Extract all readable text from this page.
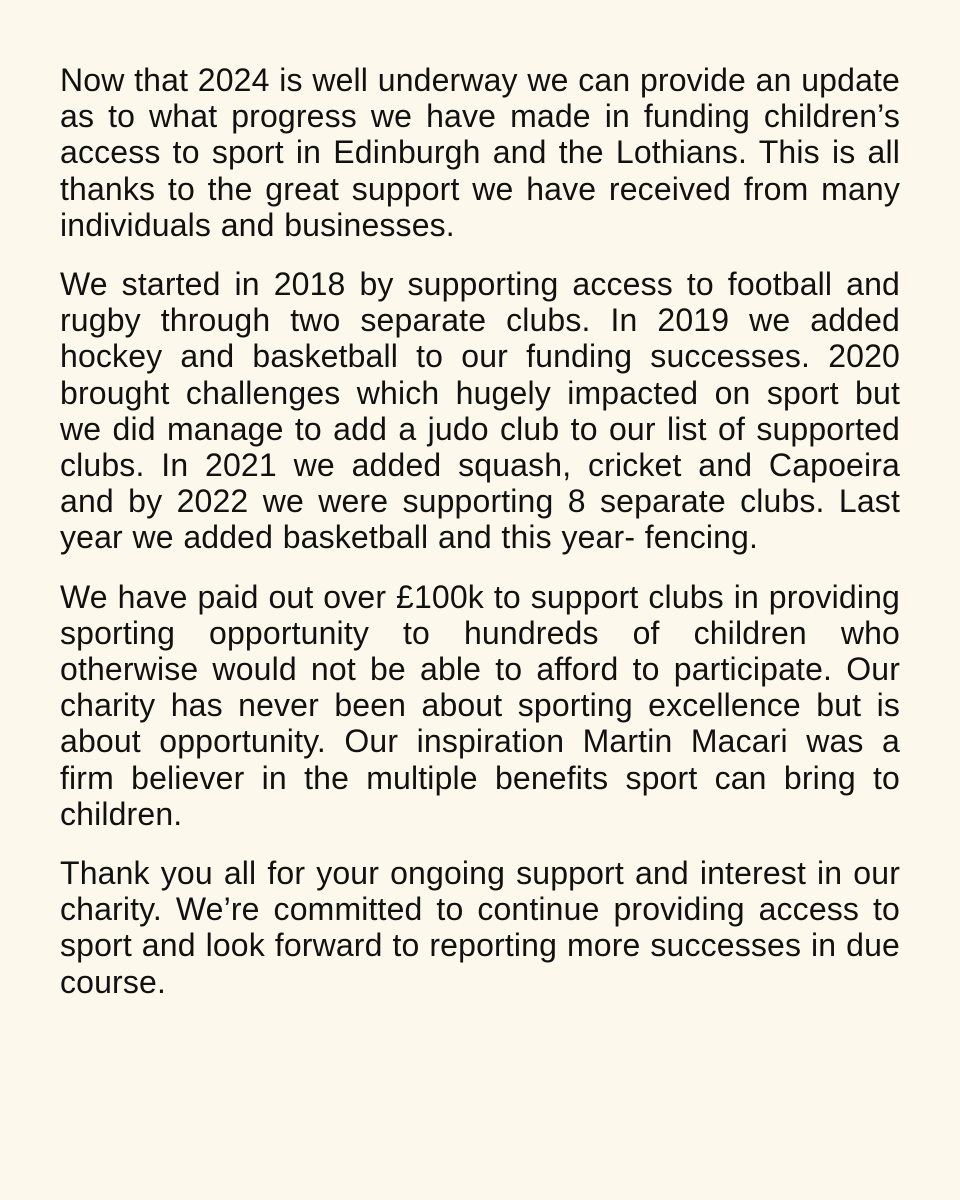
Now that 2024 is well underway we can provide an update as to what progress we have made in funding children’s access to sport in Edinburgh and the Lothians. This is all thanks to the great support we have received from many individuals and businesses.

We started in 2018 by supporting access to football and rugby through two separate clubs. In 2019 we added hockey and basketball to our funding successes. 2020 brought challenges which hugely impacted on sport but we did manage to add a judo club to our list of supported clubs. In 2021 we added squash, cricket and Capoeira and by 2022 we were supporting 8 separate clubs. Last year we added basketball and this year- fencing.

We have paid out over £100k to support clubs in providing sporting opportunity to hundreds of children who otherwise would not be able to afford to participate. Our charity has never been about sporting excellence but is about opportunity. Our inspiration Martin Macari was a firm believer in the multiple benefits sport can bring to children.

Thank you all for your ongoing support and interest in our charity. We’re committed to continue providing access to sport and look forward to reporting more successes in due course.
